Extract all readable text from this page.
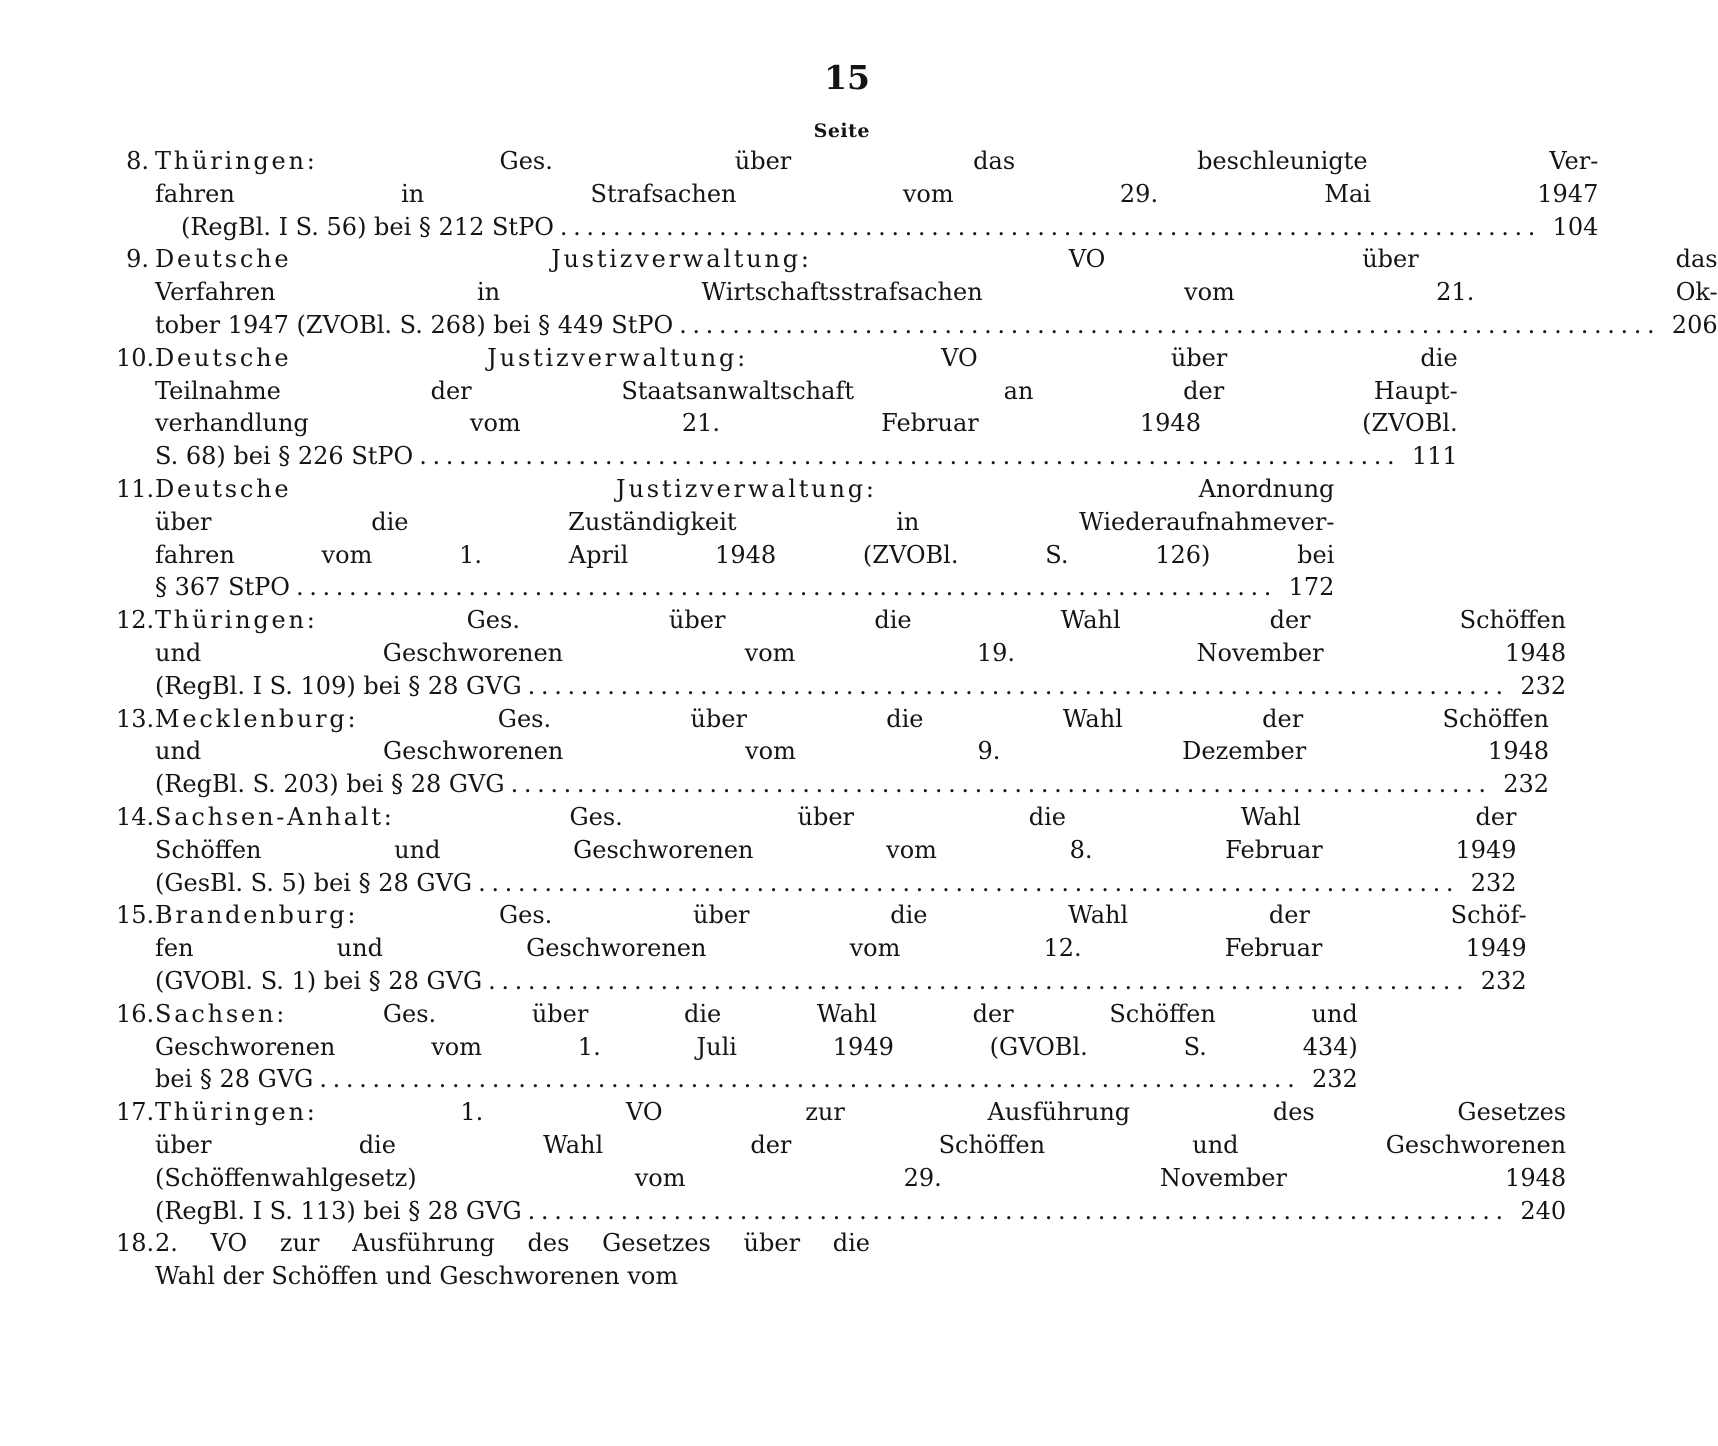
15
Seite
8. Thüringen:	Ges. über das beschleunigte Ver-
fahren in Strafsachen vom 29. Mai 1947
(RegBl. I S. 56) bei § 212 StPO . . .	104
9. Deutsche Justizverwaltung:	VO über das
Verfahren in Wirtschaftsstrafsachen vom 21. Ok-
tober 1947 (ZVOBl. S. 268) bei § 449 StPO . . .	206
10. Deutsche Justizverwaltung:	VO über die
Teilnahme der Staatsanwaltschaft an der Haupt-
verhandlung vom 21. Februar 1948 (ZVOBl.
S. 68) bei § 226 StPO . . .	111
11. Deutsche Justizverwaltung:	Anordnung
über die Zuständigkeit in Wiederaufnahmever-
fahren vom 1. April 1948 (ZVOBl. S. 126) bei
§ 367 StPO . . .	172
12. Thüringen:	Ges. über die Wahl der Schöffen
und Geschworenen vom 19. November 1948
(RegBl. I S. 109) bei § 28 GVG . . .	232
13. Mecklenburg:	Ges. über die Wahl der Schöffen
und Geschworenen vom 9. Dezember 1948
(RegBl. S. 203) bei § 28 GVG . . .	232
14. Sachsen-Anhalt:	Ges. über die Wahl der
Schöffen und Geschworenen vom 8. Februar 1949
(GesBl. S. 5) bei § 28 GVG . . .	232
15. Brandenburg:	Ges. über die Wahl der Schöf-
fen und Geschworenen vom 12. Februar 1949
(GVOBl. S. 1) bei § 28 GVG . . .	232
16. Sachsen:	Ges. über die Wahl der Schöffen und
Geschworenen vom 1. Juli 1949 (GVOBl. S. 434)
bei § 28 GVG . . .	232
17. Thüringen:	1. VO zur Ausführung des Gesetzes
über die Wahl der Schöffen und Geschworenen
(Schöffenwahlgesetz) vom 29. November 1948
(RegBl. I S. 113) bei § 28 GVG . . .	240
18. 2. VO zur Ausführung des Gesetzes über die
Wahl der Schöffen und Geschworenen vom
